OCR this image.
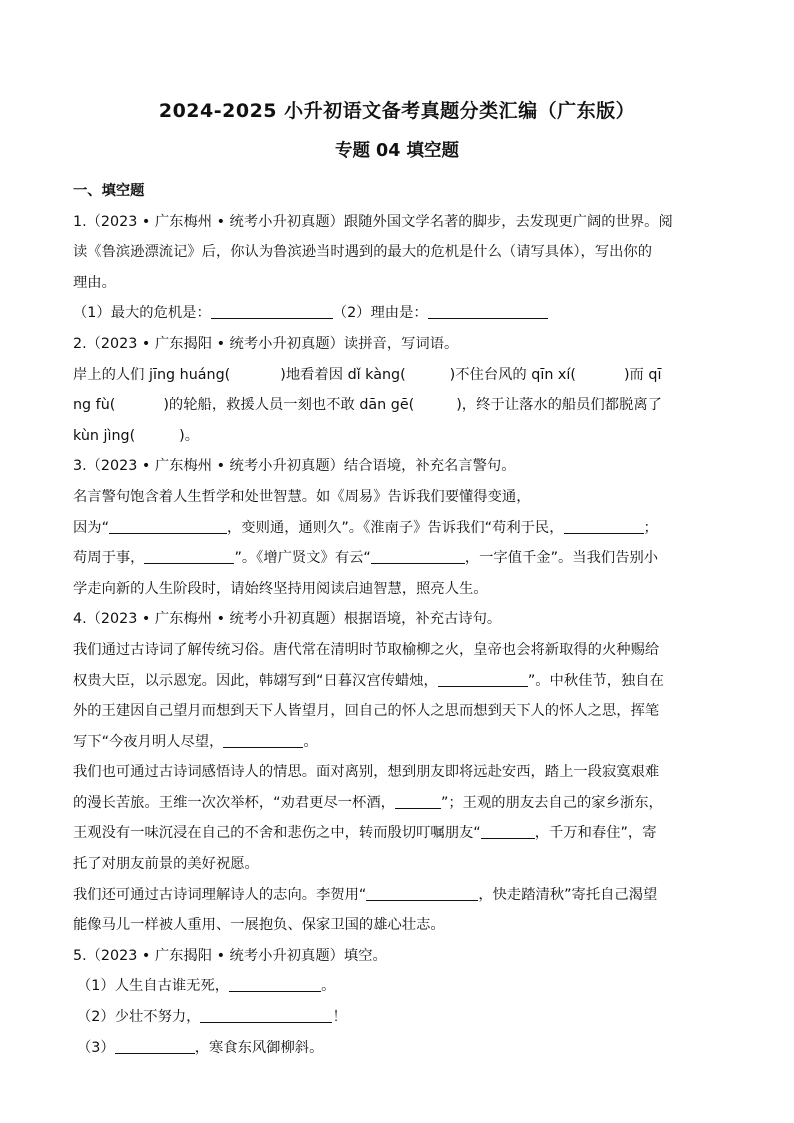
2024-2025 小升初语文备考真题分类汇编（广东版）
专题 04 填空题

一、填空题

1.（2023 • 广东梅州 • 统考小升初真题）跟随外国文学名著的脚步，去发现更广阔的世界。阅

读《鲁滨逊漂流记》后，你认为鲁滨逊当时遇到的最大的危机是什么（请写具体），写出你的

理由。

（1）最大的危机是：	（2）理由是：

2.（2023 • 广东揭阳 • 统考小升初真题）读拼音，写词语。

岸上的人们 jīng huáng(	)地看着因 dǐ kàng(	)不住台风的 qīn xí(	)而 qī

ng fù(	)的轮船，救援人员一刻也不敢 dān gē(	)，终于让落水的船员们都脱离了

kùn jìng(	)。

3.（2023 • 广东梅州 • 统考小升初真题）结合语境，补充名言警句。

名言警句饱含着人生哲学和处世智慧。如《周易》告诉我们要懂得变通，

因为“	，变则通，通则久”。《淮南子》告诉我们“苟利于民，	；

苟周于事，	”。《增广贤文》有云“	，一字值千金”。当我们告别小

学走向新的人生阶段时，请始终坚持用阅读启迪智慧，照亮人生。

4.（2023 • 广东梅州 • 统考小升初真题）根据语境，补充古诗句。

我们通过古诗词了解传统习俗。唐代常在清明时节取榆柳之火，皇帝也会将新取得的火种赐给

权贵大臣，以示恩宠。因此，韩翃写到“日暮汉宫传蜡烛，	”。中秋佳节，独自在

外的王建因自己望月而想到天下人皆望月，回自己的怀人之思而想到天下人的怀人之思，挥笔

写下“今夜月明人尽望，	。

我们也可通过古诗词感悟诗人的情思。面对离别，想到朋友即将远赴安西，踏上一段寂寞艰难

的漫长苦旅。王维一次次举杯，“劝君更尽一杯酒，	”；王观的朋友去自己的家乡浙东，

王观没有一味沉浸在自己的不舍和悲伤之中，转而殷切叮嘱朋友“	，千万和春住”，寄

托了对朋友前景的美好祝愿。

我们还可通过古诗词理解诗人的志向。李贺用“	，快走踏清秋”寄托自己渴望

能像马儿一样被人重用、一展抱负、保家卫国的雄心壮志。

5.（2023 • 广东揭阳 • 统考小升初真题）填空。

（1）人生自古谁无死，	。

（2）少壮不努力，	！

（3）	，寒食东风御柳斜。
